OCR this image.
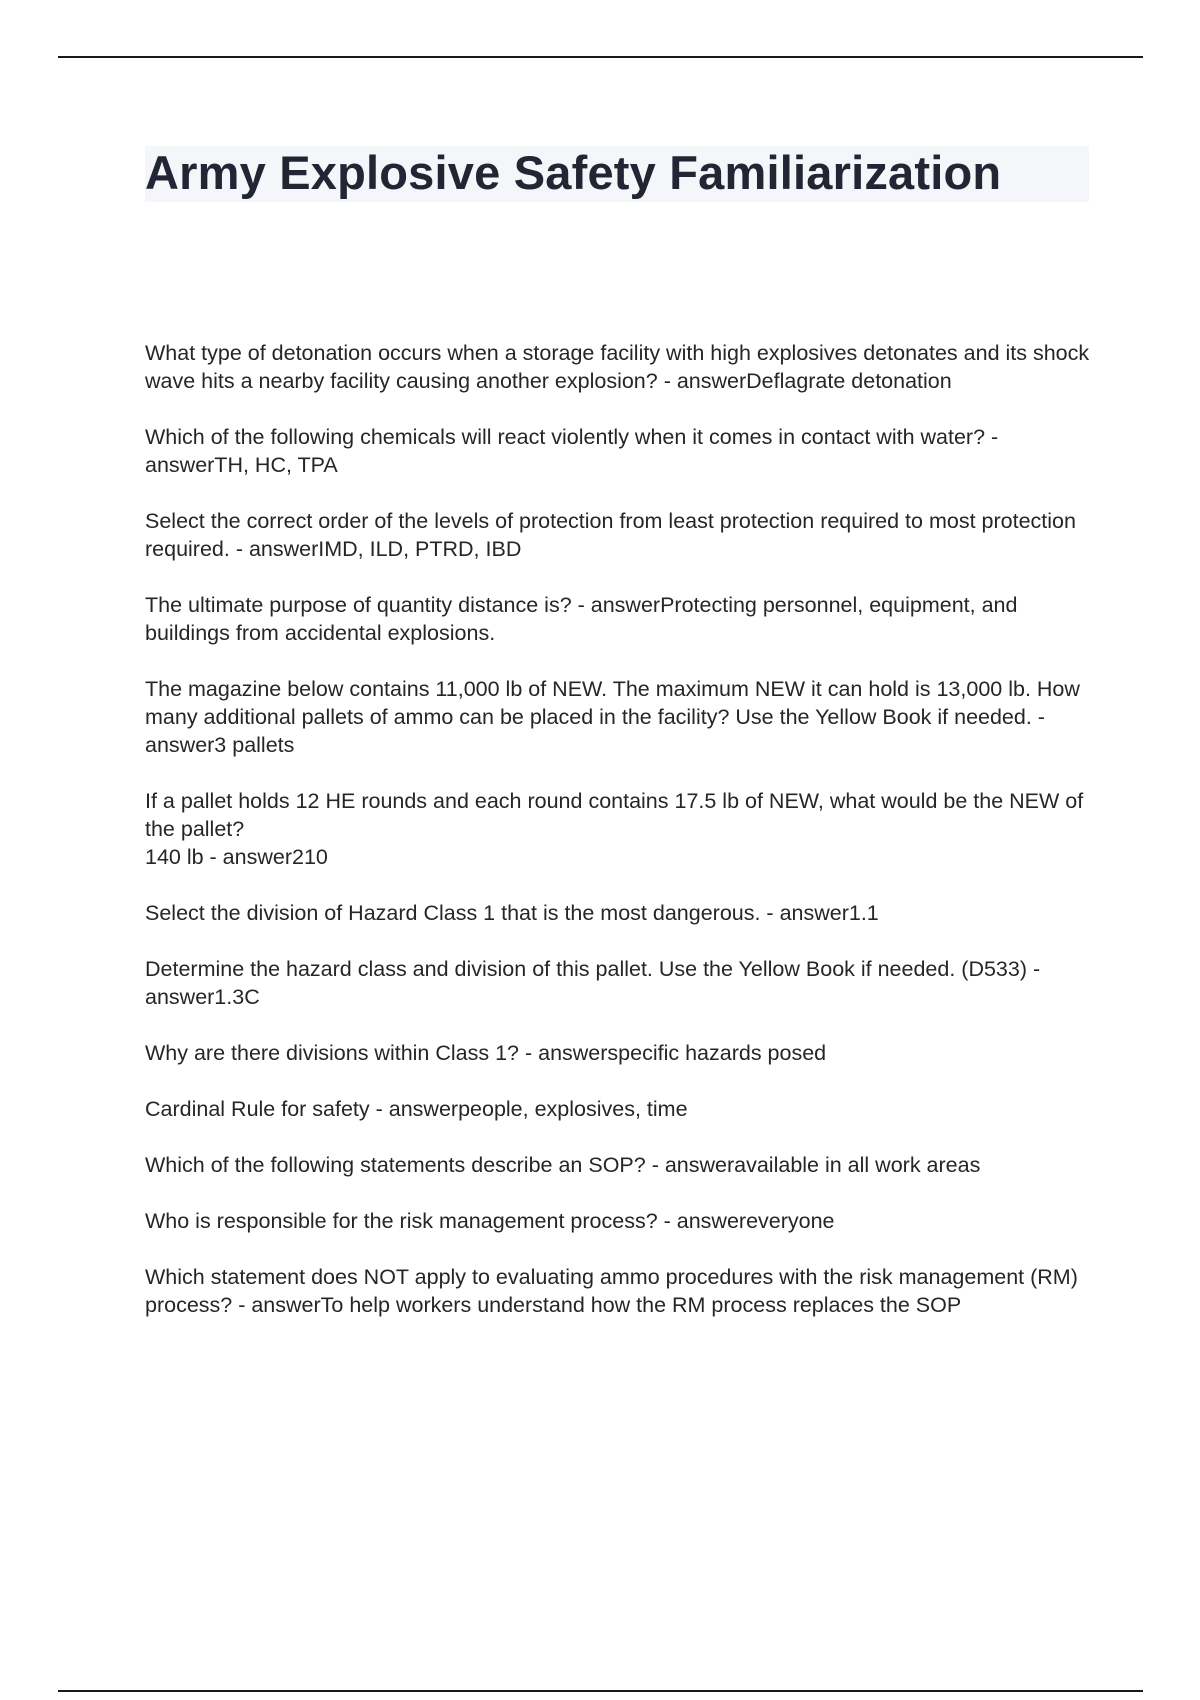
Army Explosive Safety Familiarization

What type of detonation occurs when a storage facility with high explosives detonates and its shock wave hits a nearby facility causing another explosion? - answerDeflagrate detonation

Which of the following chemicals will react violently when it comes in contact with water? - answerTH, HC, TPA

Select the correct order of the levels of protection from least protection required to most protection required. - answerIMD, ILD, PTRD, IBD

The ultimate purpose of quantity distance is? - answerProtecting personnel, equipment, and buildings from accidental explosions.

The magazine below contains 11,000 lb of NEW. The maximum NEW it can hold is 13,000 lb. How many additional pallets of ammo can be placed in the facility? Use the Yellow Book if needed. - answer3 pallets

If a pallet holds 12 HE rounds and each round contains 17.5 lb of NEW, what would be the NEW of the pallet?
140 lb - answer210

Select the division of Hazard Class 1 that is the most dangerous. - answer1.1

Determine the hazard class and division of this pallet. Use the Yellow Book if needed. (D533) - answer1.3C

Why are there divisions within Class 1? - answerspecific hazards posed

Cardinal Rule for safety - answerpeople, explosives, time

Which of the following statements describe an SOP? - answeravailable in all work areas

Who is responsible for the risk management process? - answereveryone

Which statement does NOT apply to evaluating ammo procedures with the risk management (RM) process? - answerTo help workers understand how the RM process replaces the SOP
